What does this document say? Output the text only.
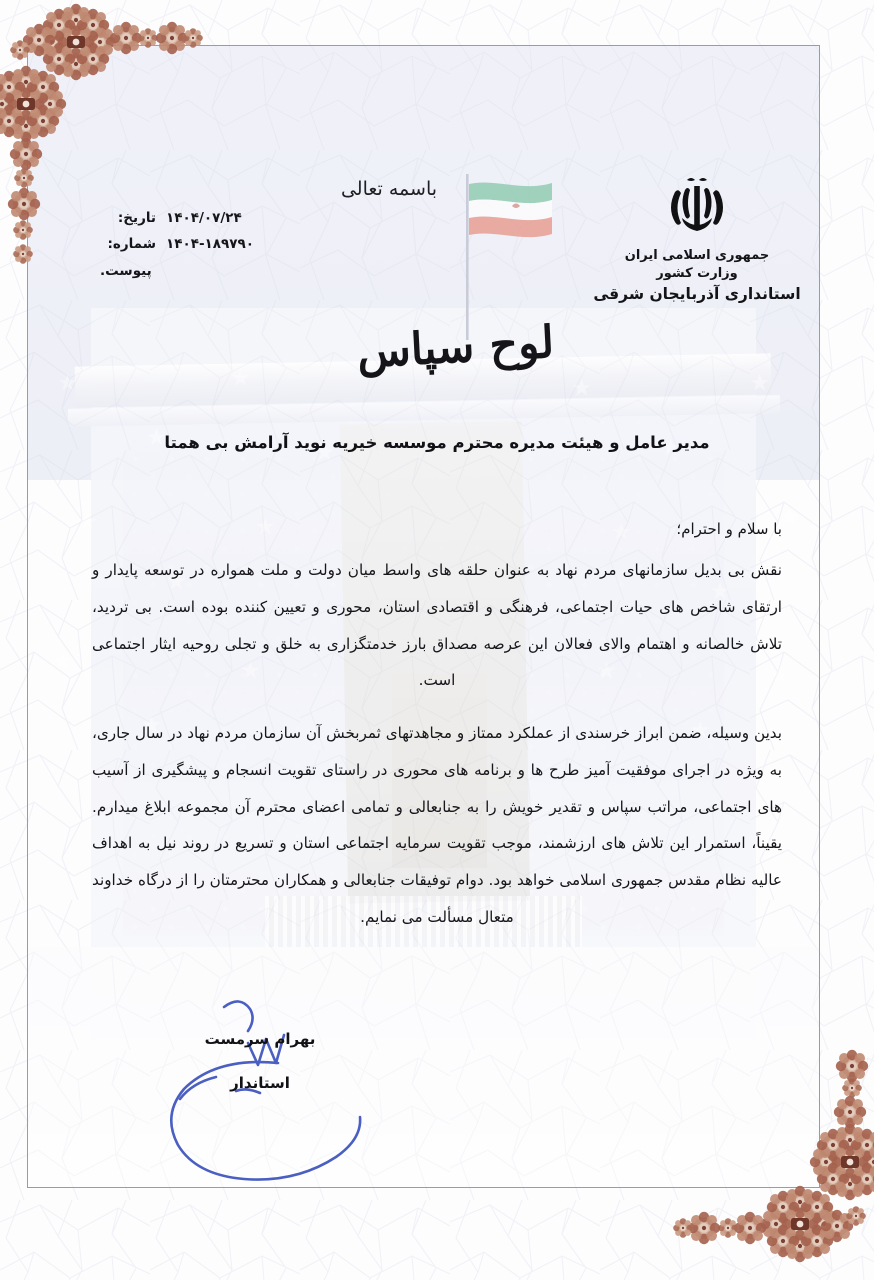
باسمه تعالی
تاریخ: ۱۴۰۴/۰۷/۲۴
شماره: ۱۴۰۴-۱۸۹۷۹۰
پیوست.
جمهوری اسلامی ایران
وزارت کشور
استانداری آذربایجان شرقی
لوح سپاس
مدیر عامل و هیئت مدیره محترم موسسه خیریه نوید آرامش بی همتا
با سلام و احترام؛

نقش بی بدیل سازمانهای مردم نهاد به عنوان حلقه های واسط میان دولت و ملت همواره در توسعه پایدار و ارتقای شاخص های حیات اجتماعی، فرهنگی و اقتصادی استان، محوری و تعیین کننده بوده است. بی تردید، تلاش خالصانه و اهتمام والای فعالان این عرصه مصداق بارز خدمتگزاری به خلق و تجلی روحیه ایثار اجتماعی است.

بدین وسیله، ضمن ابراز خرسندی از عملکرد ممتاز و مجاهدتهای ثمربخش آن سازمان مردم نهاد در سال جاری، به ویژه در اجرای موفقیت آمیز طرح ها و برنامه های محوری در راستای تقویت انسجام و پیشگیری از آسیب های اجتماعی، مراتب سپاس و تقدیر خویش را به جنابعالی و تمامی اعضای محترم آن مجموعه ابلاغ میدارم. یقیناً، استمرار این تلاش های ارزشمند، موجب تقویت سرمایه اجتماعی استان و تسریع در روند نیل به اهداف عالیه نظام مقدس جمهوری اسلامی خواهد بود. دوام توفیقات جنابعالی و همکاران محترمتان را از درگاه خداوند متعال مسألت می نمایم.

بهرام سرمست
استاندار
